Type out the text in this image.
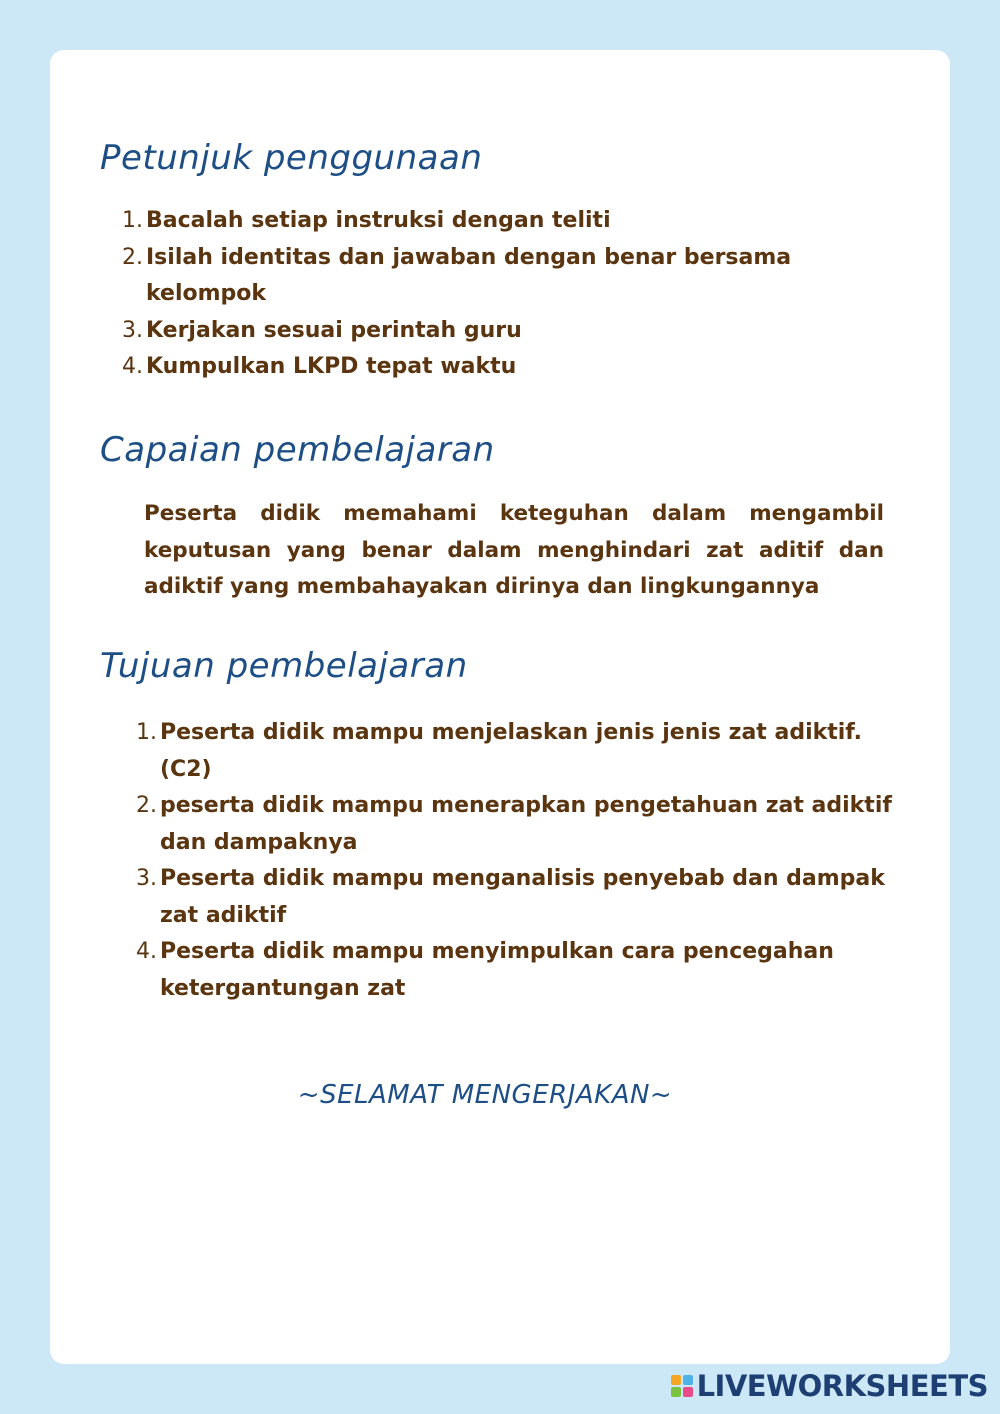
Petunjuk penggunaan
1. Bacalah setiap instruksi dengan teliti
2. Isilah identitas dan jawaban dengan benar bersama kelompok
3. Kerjakan sesuai perintah guru
4. Kumpulkan LKPD tepat waktu
Capaian pembelajaran

Peserta didik memahami keteguhan dalam mengambil keputusan yang benar dalam menghindari zat aditif dan adiktif yang membahayakan dirinya dan lingkungannya

Tujuan pembelajaran
1. Peserta didik mampu menjelaskan jenis jenis zat adiktif. (C2)
2. peserta didik mampu menerapkan pengetahuan zat adiktif dan dampaknya
3. Peserta didik mampu menganalisis penyebab dan dampak zat adiktif
4. Peserta didik mampu menyimpulkan cara pencegahan ketergantungan zat

~SELAMAT MENGERJAKAN~

LIVEWORKSHEETS
